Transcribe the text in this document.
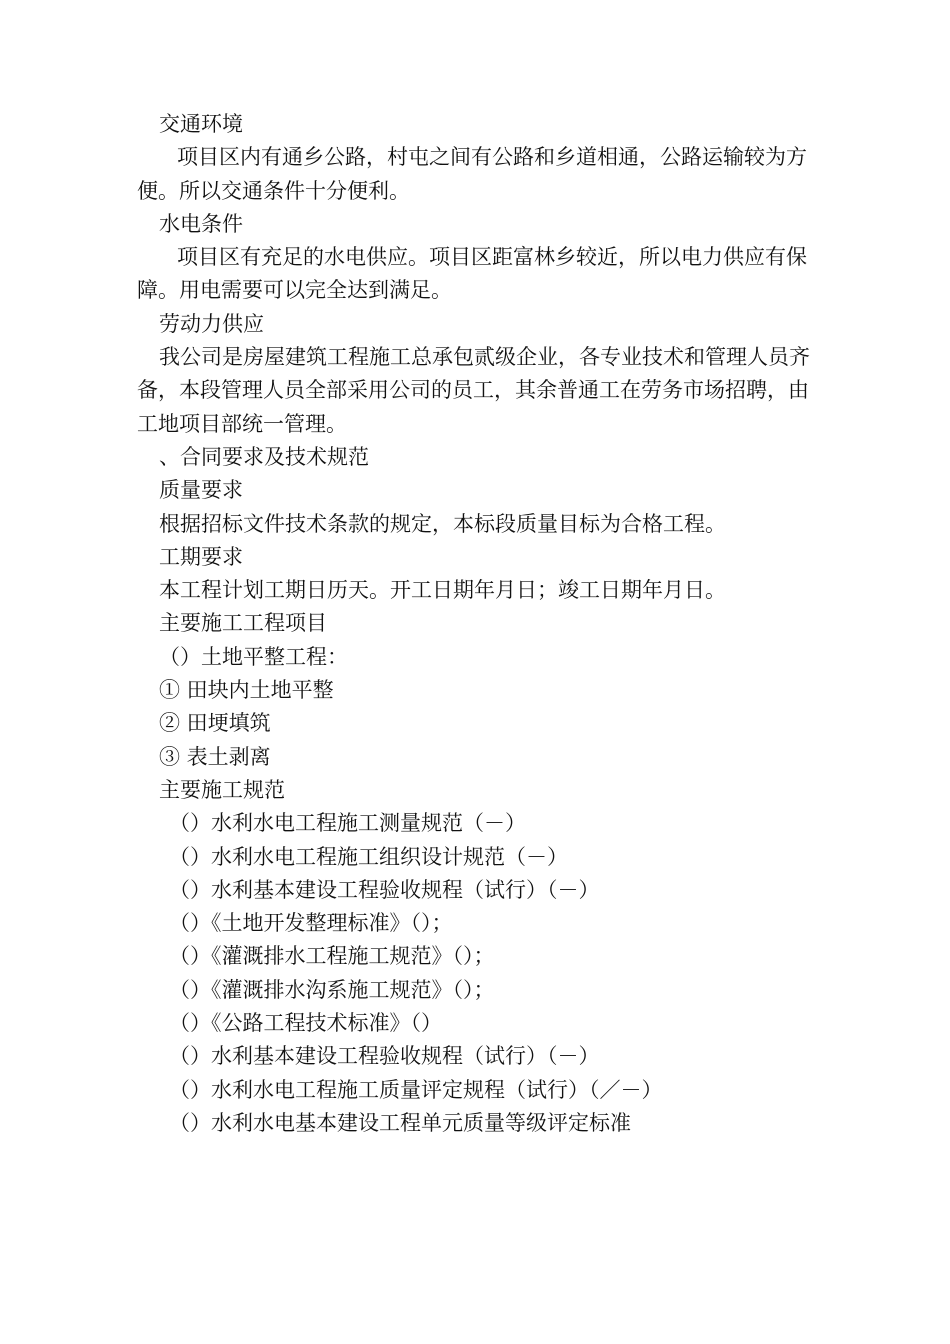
交通环境
项目区内有通乡公路，村屯之间有公路和乡道相通，公路运输较为方
便。所以交通条件十分便利。
水电条件
项目区有充足的水电供应。项目区距富林乡较近，所以电力供应有保
障。用电需要可以完全达到满足。
劳动力供应
我公司是房屋建筑工程施工总承包贰级企业，各专业技术和管理人员齐
备，本段管理人员全部采用公司的员工，其余普通工在劳务市场招聘，由
工地项目部统一管理。
、合同要求及技术规范
质量要求
根据招标文件技术条款的规定，本标段质量目标为合格工程。
工期要求
本工程计划工期日历天。开工日期年月日；竣工日期年月日。
主要施工工程项目
（）土地平整工程：
① 田块内土地平整
② 田埂填筑
③ 表土剥离
主要施工规范
（）水利水电工程施工测量规范（－）
（）水利水电工程施工组织设计规范（－）
（）水利基本建设工程验收规程（试行）（－）
（）《土地开发整理标准》（）；
（）《灌溉排水工程施工规范》（）；
（）《灌溉排水沟系施工规范》（）；
（）《公路工程技术标准》（）
（）水利基本建设工程验收规程（试行）（－）
（）水利水电工程施工质量评定规程（试行）（／－）
（）水利水电基本建设工程单元质量等级评定标准
